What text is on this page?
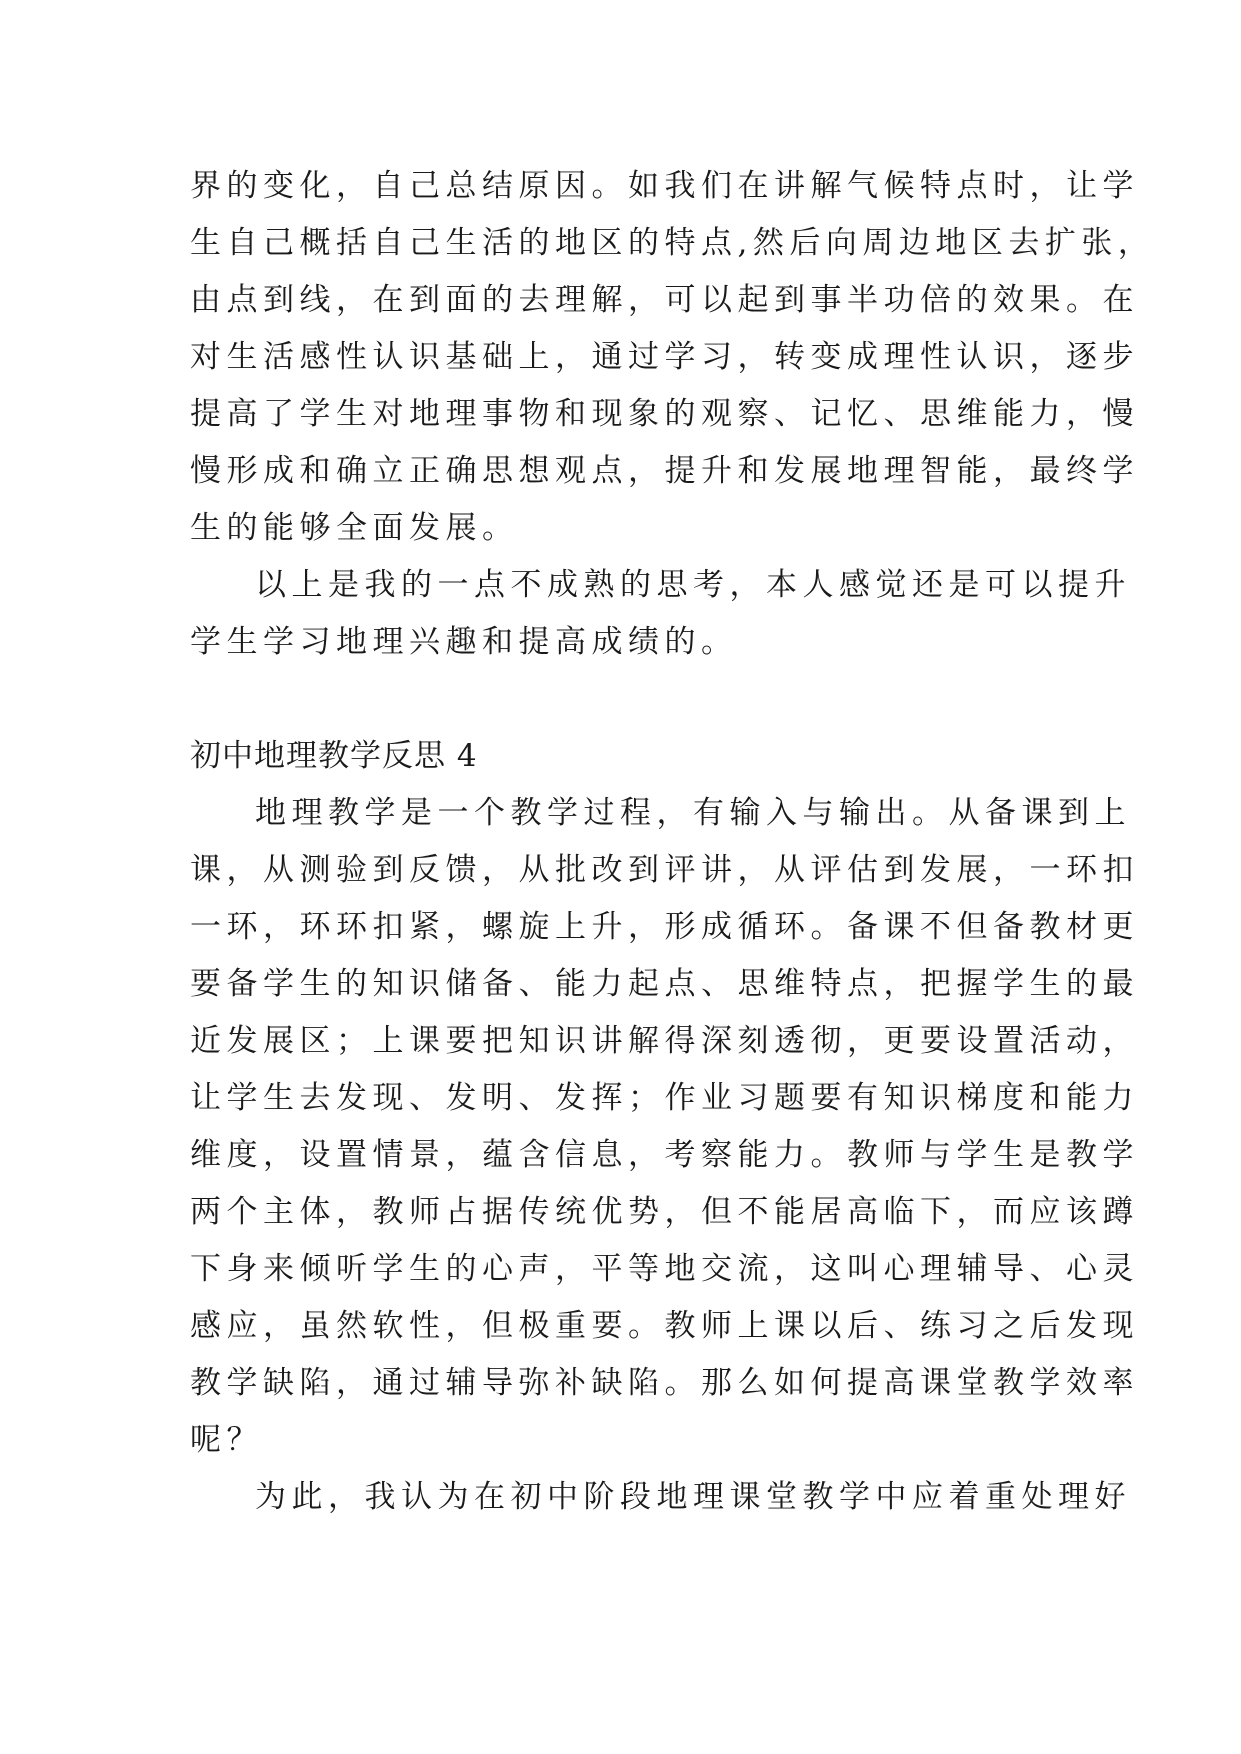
界的变化，自己总结原因。如我们在讲解气候特点时，让学
生自己概括自己生活的地区的特点,然后向周边地区去扩张，
由点到线，在到面的去理解，可以起到事半功倍的效果。在
对生活感性认识基础上，通过学习，转变成理性认识，逐步
提高了学生对地理事物和现象的观察、记忆、思维能力，慢
慢形成和确立正确思想观点，提升和发展地理智能，最终学
生的能够全面发展。
以上是我的一点不成熟的思考，本人感觉还是可以提升
学生学习地理兴趣和提高成绩的。
初中地理教学反思 4
地理教学是一个教学过程，有输入与输出。从备课到上
课，从测验到反馈，从批改到评讲，从评估到发展，一环扣
一环，环环扣紧，螺旋上升，形成循环。备课不但备教材更
要备学生的知识储备、能力起点、思维特点，把握学生的最
近发展区；上课要把知识讲解得深刻透彻，更要设置活动，
让学生去发现、发明、发挥；作业习题要有知识梯度和能力
维度，设置情景，蕴含信息，考察能力。教师与学生是教学
两个主体，教师占据传统优势，但不能居高临下，而应该蹲
下身来倾听学生的心声，平等地交流，这叫心理辅导、心灵
感应，虽然软性，但极重要。教师上课以后、练习之后发现
教学缺陷，通过辅导弥补缺陷。那么如何提高课堂教学效率
呢？
为此，我认为在初中阶段地理课堂教学中应着重处理好
